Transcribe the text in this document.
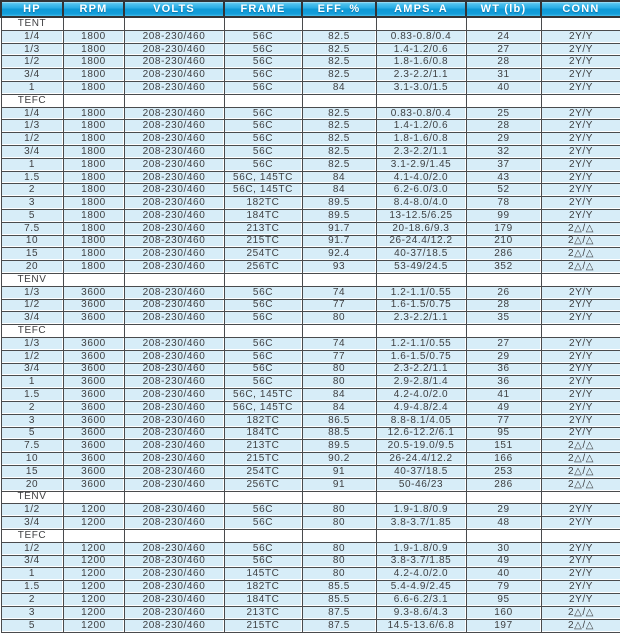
HP	RPM	VOLTS	FRAME	EFF. %	AMPS. A	WT (lb)	CONN
TENT							
1/4	1800	208-230/460	56C	82.5	0.83-0.8/0.4	24	2Y/Y
1/3	1800	208-230/460	56C	82.5	1.4-1.2/0.6	27	2Y/Y
1/2	1800	208-230/460	56C	82.5	1.8-1.6/0.8	28	2Y/Y
3/4	1800	208-230/460	56C	82.5	2.3-2.2/1.1	31	2Y/Y
1	1800	208-230/460	56C	84	3.1-3.0/1.5	40	2Y/Y
TEFC							
1/4	1800	208-230/460	56C	82.5	0.83-0.8/0.4	25	2Y/Y
1/3	1800	208-230/460	56C	82.5	1.4-1.2/0.6	28	2Y/Y
1/2	1800	208-230/460	56C	82.5	1.8-1.6/0.8	29	2Y/Y
3/4	1800	208-230/460	56C	82.5	2.3-2.2/1.1	32	2Y/Y
1	1800	208-230/460	56C	82.5	3.1-2.9/1.45	37	2Y/Y
1.5	1800	208-230/460	56C, 145TC	84	4.1-4.0/2.0	43	2Y/Y
2	1800	208-230/460	56C, 145TC	84	6.2-6.0/3.0	52	2Y/Y
3	1800	208-230/460	182TC	89.5	8.4-8.0/4.0	78	2Y/Y
5	1800	208-230/460	184TC	89.5	13-12.5/6.25	99	2Y/Y
7.5	1800	208-230/460	213TC	91.7	20-18.6/9.3	179	2△/△
10	1800	208-230/460	215TC	91.7	26-24.4/12.2	210	2△/△
15	1800	208-230/460	254TC	92.4	40-37/18.5	286	2△/△
20	1800	208-230/460	256TC	93	53-49/24.5	352	2△/△
TENV							
1/3	3600	208-230/460	56C	74	1.2-1.1/0.55	26	2Y/Y
1/2	3600	208-230/460	56C	77	1.6-1.5/0.75	28	2Y/Y
3/4	3600	208-230/460	56C	80	2.3-2.2/1.1	35	2Y/Y
TEFC							
1/3	3600	208-230/460	56C	74	1.2-1.1/0.55	27	2Y/Y
1/2	3600	208-230/460	56C	77	1.6-1.5/0.75	29	2Y/Y
3/4	3600	208-230/460	56C	80	2.3-2.2/1.1	36	2Y/Y
1	3600	208-230/460	56C	80	2.9-2.8/1.4	36	2Y/Y
1.5	3600	208-230/460	56C, 145TC	84	4.2-4.0/2.0	41	2Y/Y
2	3600	208-230/460	56C, 145TC	84	4.9-4.8/2.4	49	2Y/Y
3	3600	208-230/460	182TC	86.5	8.8-8.1/4.05	77	2Y/Y
5	3600	208-230/460	184TC	88.5	12.6-12.2/6.1	95	2Y/Y
7.5	3600	208-230/460	213TC	89.5	20.5-19.0/9.5	151	2△/△
10	3600	208-230/460	215TC	90.2	26-24.4/12.2	166	2△/△
15	3600	208-230/460	254TC	91	40-37/18.5	253	2△/△
20	3600	208-230/460	256TC	91	50-46/23	286	2△/△
TENV							
1/2	1200	208-230/460	56C	80	1.9-1.8/0.9	29	2Y/Y
3/4	1200	208-230/460	56C	80	3.8-3.7/1.85	48	2Y/Y
TEFC							
1/2	1200	208-230/460	56C	80	1.9-1.8/0.9	30	2Y/Y
3/4	1200	208-230/460	56C	80	3.8-3.7/1.85	49	2Y/Y
1	1200	208-230/460	145TC	80	4.2-4.0/2.0	40	2Y/Y
1.5	1200	208-230/460	182TC	85.5	5.4-4.9/2.45	79	2Y/Y
2	1200	208-230/460	184TC	85.5	6.6-6.2/3.1	95	2Y/Y
3	1200	208-230/460	213TC	87.5	9.3-8.6/4.3	160	2△/△
5	1200	208-230/460	215TC	87.5	14.5-13.6/6.8	197	2△/△
